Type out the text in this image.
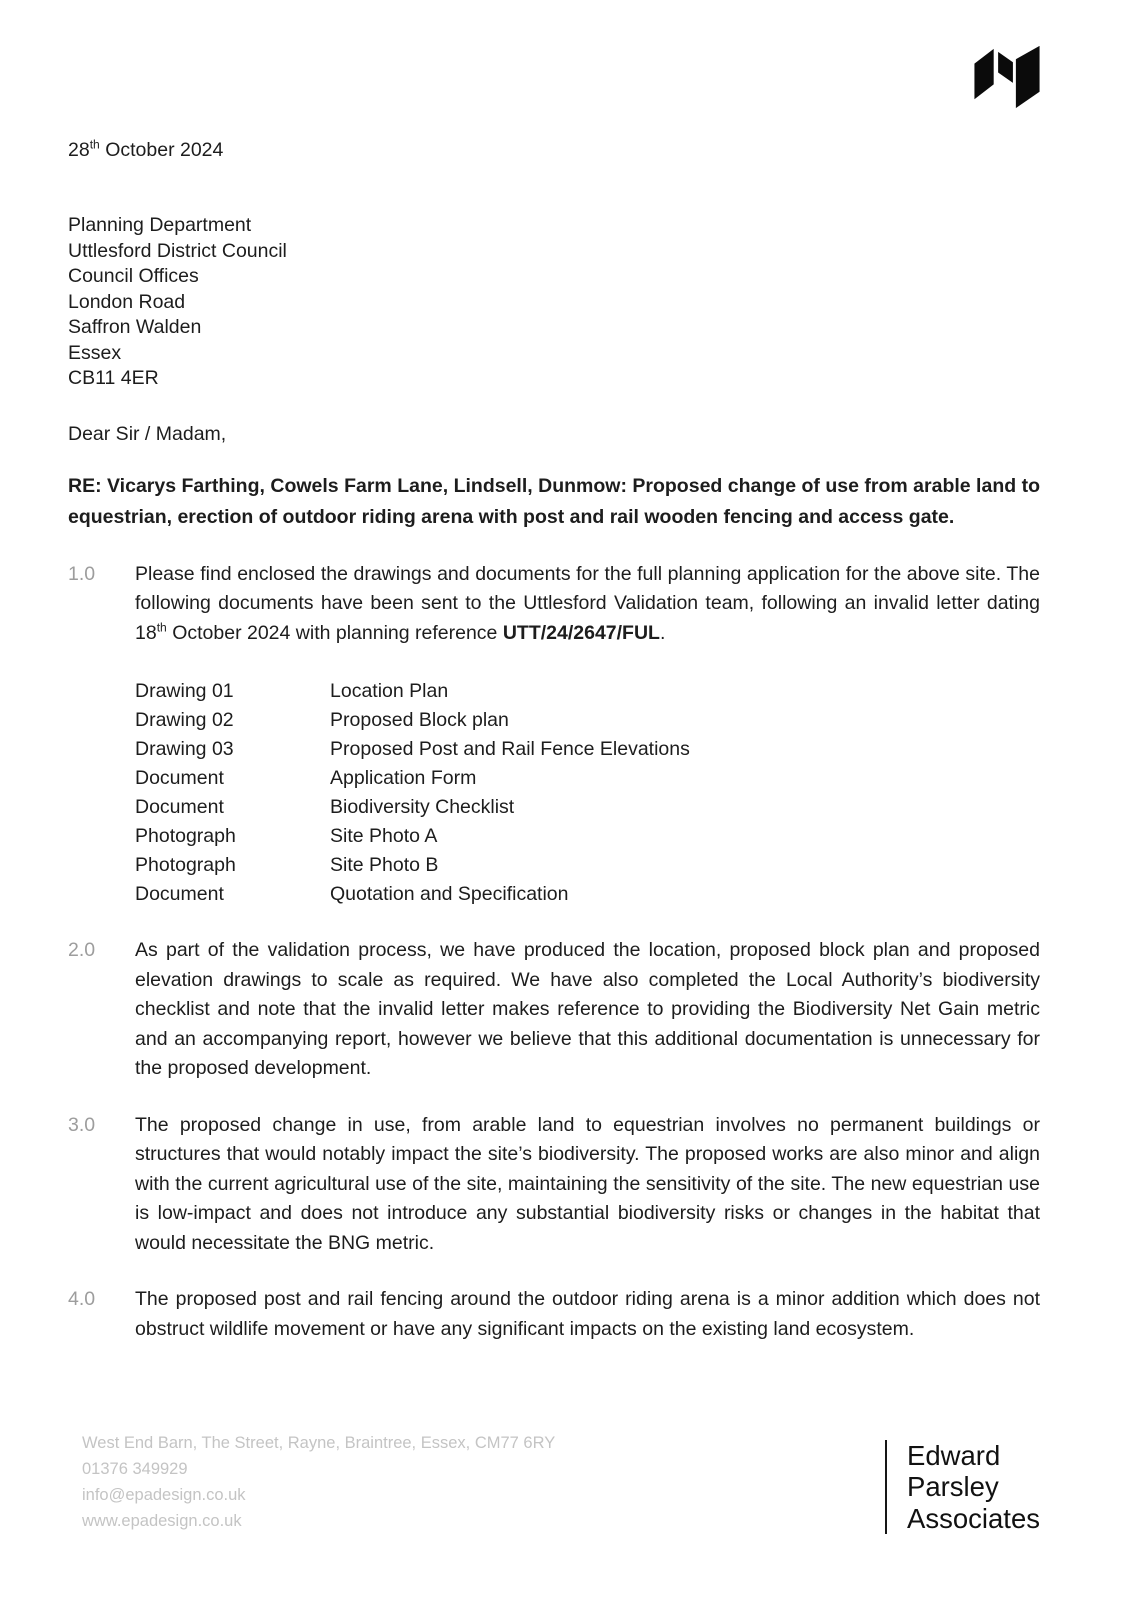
28th October 2024

Planning Department
Uttlesford District Council
Council Offices
London Road
Saffron Walden
Essex
CB11 4ER

Dear Sir / Madam,

RE: Vicarys Farthing, Cowels Farm Lane, Lindsell, Dunmow: Proposed change of use from arable land to equestrian, erection of outdoor riding arena with post and rail wooden fencing and access gate.

1.0	Please find enclosed the drawings and documents for the full planning application for the above site. The following documents have been sent to the Uttlesford Validation team, following an invalid letter dating 18th October 2024 with planning reference UTT/24/2647/FUL.
Drawing 01	Location Plan
Drawing 02	Proposed Block plan
Drawing 03	Proposed Post and Rail Fence Elevations
Document	Application Form
Document	Biodiversity Checklist
Photograph	Site Photo A
Photograph	Site Photo B
Document	Quotation and Specification
2.0	As part of the validation process, we have produced the location, proposed block plan and proposed elevation drawings to scale as required. We have also completed the Local Authority’s biodiversity checklist and note that the invalid letter makes reference to providing the Biodiversity Net Gain metric and an accompanying report, however we believe that this additional documentation is unnecessary for the proposed development.
3.0	The proposed change in use, from arable land to equestrian involves no permanent buildings or structures that would notably impact the site’s biodiversity. The proposed works are also minor and align with the current agricultural use of the site, maintaining the sensitivity of the site. The new equestrian use is low-impact and does not introduce any substantial biodiversity risks or changes in the habitat that would necessitate the BNG metric.
4.0	The proposed post and rail fencing around the outdoor riding arena is a minor addition which does not obstruct wildlife movement or have any significant impacts on the existing land ecosystem.
West End Barn, The Street, Rayne, Braintree, Essex, CM77 6RY
01376 349929
info@epadesign.co.uk
www.epadesign.co.uk
Edward
Parsley
Associates
